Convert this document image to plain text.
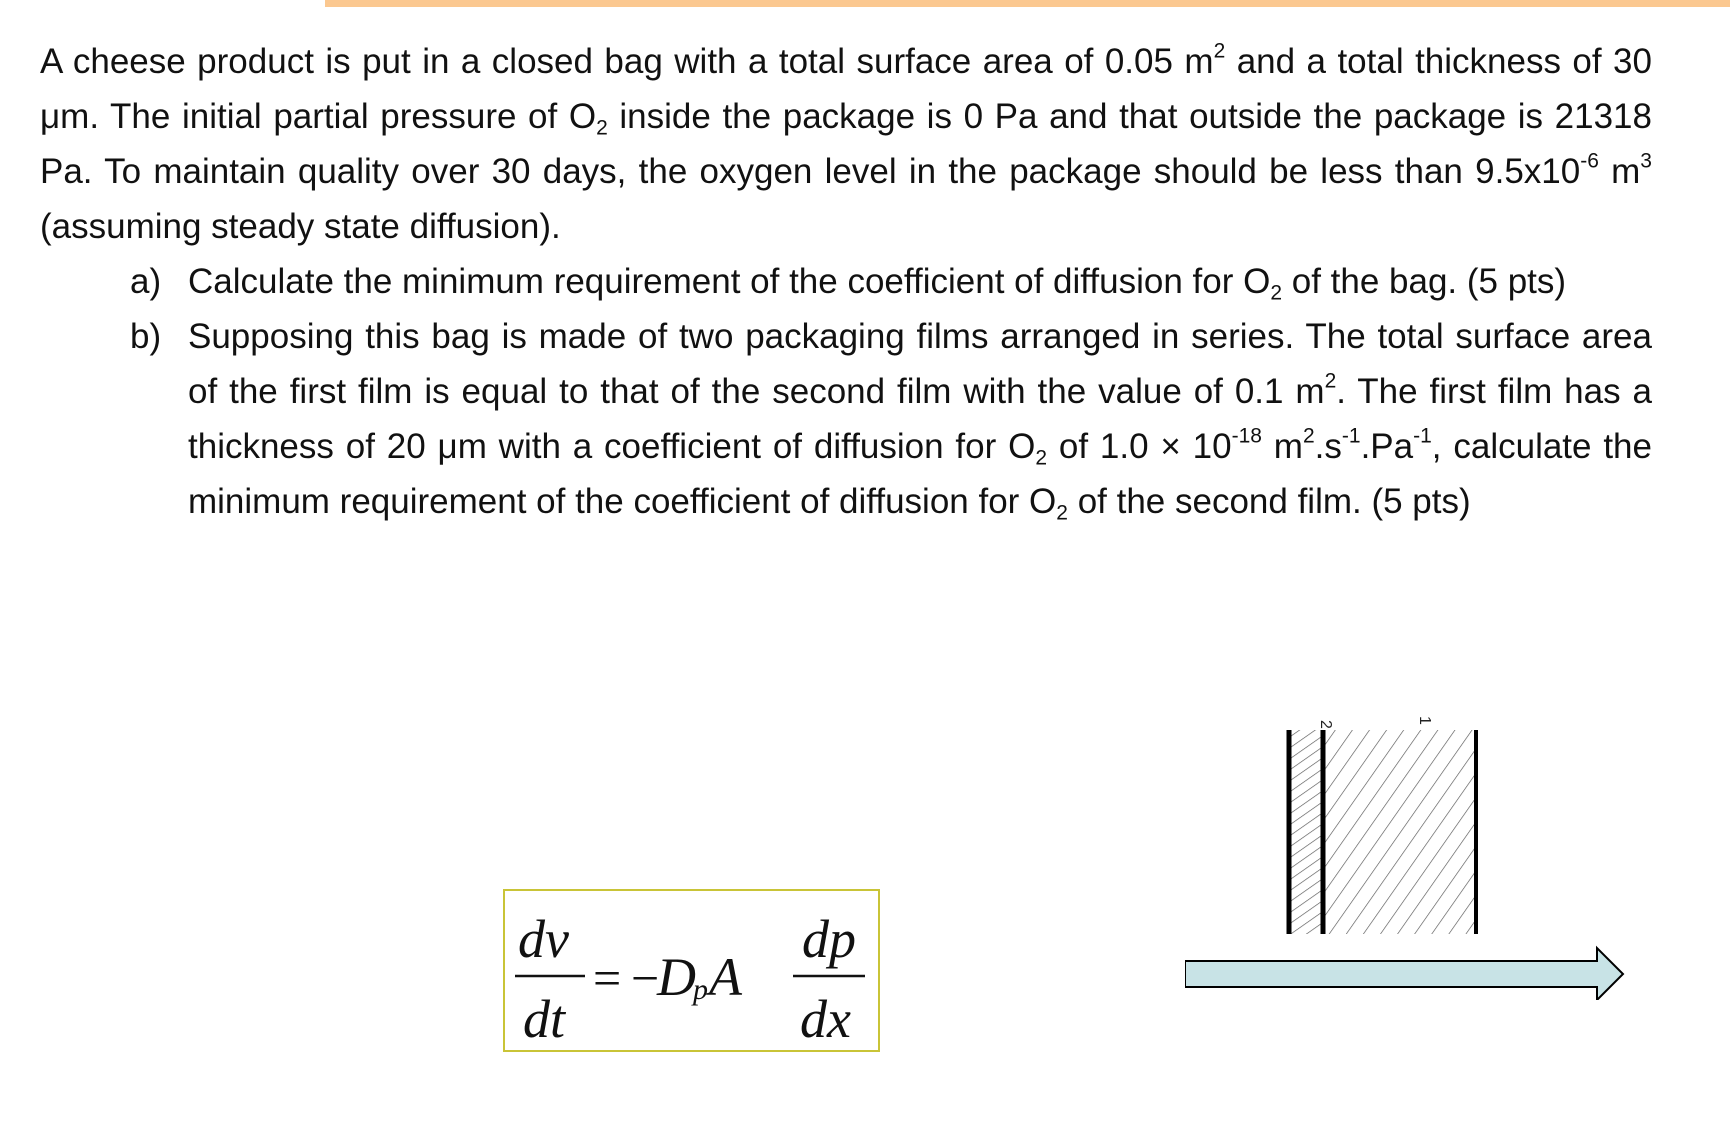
A cheese product is put in a closed bag with a total surface area of 0.05 $m^2$ and a total thickness of 30 μm. The initial partial pressure of $O_2$ inside the package is 0 Pa and that outside the package is 21318 Pa. To maintain quality over 30 days, the oxygen level in the package should be less than $9.5x10^{-6}$ $m^3$ (assuming steady state diffusion).

a) Calculate the minimum requirement of the coefficient of diffusion for $O_2$ of the bag. (5 pts)

b) Supposing this bag is made of two packaging films arranged in series. The total surface area of the first film is equal to that of the second film with the value of 0.1 $m^2$. The first film has a thickness of 20 μm with a coefficient of diffusion for $O_2$ of $1.0 \times 10^{-18}$ $m^2.s^{-1}.Pa^{-1}$, calculate the minimum requirement of the coefficient of diffusion for $O_2$ of the second film. (5 pts)

dv
dt
= −
D
p A
dp
dx
2	1
